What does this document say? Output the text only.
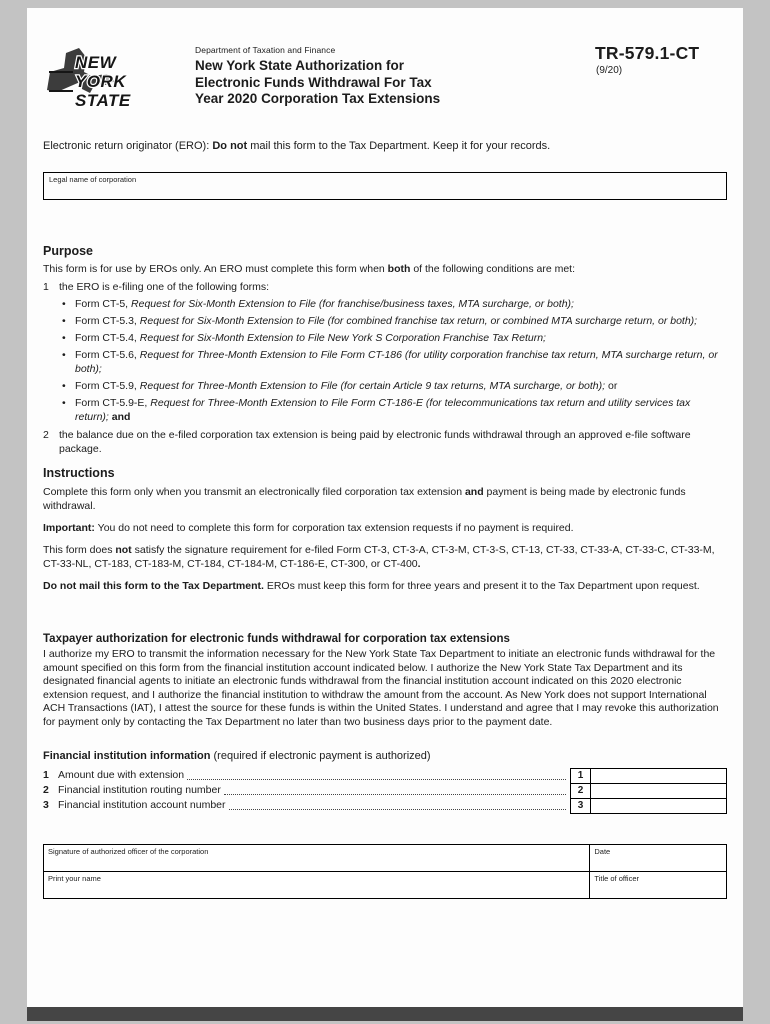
NEW
YORK
STATE
Department of Taxation and Finance
New York State Authorization for
Electronic Funds Withdrawal For Tax
Year 2020 Corporation Tax Extensions
TR-579.1-CT
(9/20)

Electronic return originator (ERO): Do not mail this form to the Tax Department. Keep it for your records.

Legal name of corporation
Purpose

This form is for use by EROs only. An ERO must complete this form when both of the following conditions are met:

1 the ERO is e-filing one of the following forms:
• Form CT-5, Request for Six-Month Extension to File (for franchise/business taxes, MTA surcharge, or both);
• Form CT-5.3, Request for Six-Month Extension to File (for combined franchise tax return, or combined MTA surcharge return, or both);
• Form CT-5.4, Request for Six-Month Extension to File New York S Corporation Franchise Tax Return;
• Form CT-5.6, Request for Three-Month Extension to File Form CT-186 (for utility corporation franchise tax return, MTA surcharge return, or both);
• Form CT-5.9, Request for Three-Month Extension to File (for certain Article 9 tax returns, MTA surcharge, or both); or
• Form CT-5.9-E, Request for Three-Month Extension to File Form CT-186-E (for telecommunications tax return and utility services tax return); and
2 the balance due on the e-filed corporation tax extension is being paid by electronic funds withdrawal through an approved e-file software package.
Instructions

Complete this form only when you transmit an electronically filed corporation tax extension and payment is being made by electronic funds withdrawal.

Important: You do not need to complete this form for corporation tax extension requests if no payment is required.

This form does not satisfy the signature requirement for e-filed Form CT-3, CT-3-A, CT-3-M, CT-3-S, CT-13, CT-33, CT-33-A, CT-33-C, CT-33-M, CT-33-NL, CT-183, CT-183-M, CT-184, CT-184-M, CT-186-E, CT-300, or CT-400.

Do not mail this form to the Tax Department. EROs must keep this form for three years and present it to the Tax Department upon request.

Taxpayer authorization for electronic funds withdrawal for corporation tax extensions

I authorize my ERO to transmit the information necessary for the New York State Tax Department to initiate an electronic funds withdrawal for the amount specified on this form from the financial institution account indicated below. I authorize the New York State Tax Department and its designated financial agents to initiate an electronic funds withdrawal from the financial institution account indicated on this 2020 electronic extension request, and I authorize the financial institution to withdraw the amount from the account. As New York does not support International ACH Transactions (IAT), I attest the source for these funds is within the United States. I understand and agree that I may revoke this authorization for payment only by contacting the Tax Department no later than two business days prior to the payment date.

Financial institution information (required if electronic payment is authorized)

1 Amount due with extension	1
2 Financial institution routing number	2
3 Financial institution account number	3
Signature of authorized officer of the corporation	Date
Print your name	Title of officer
